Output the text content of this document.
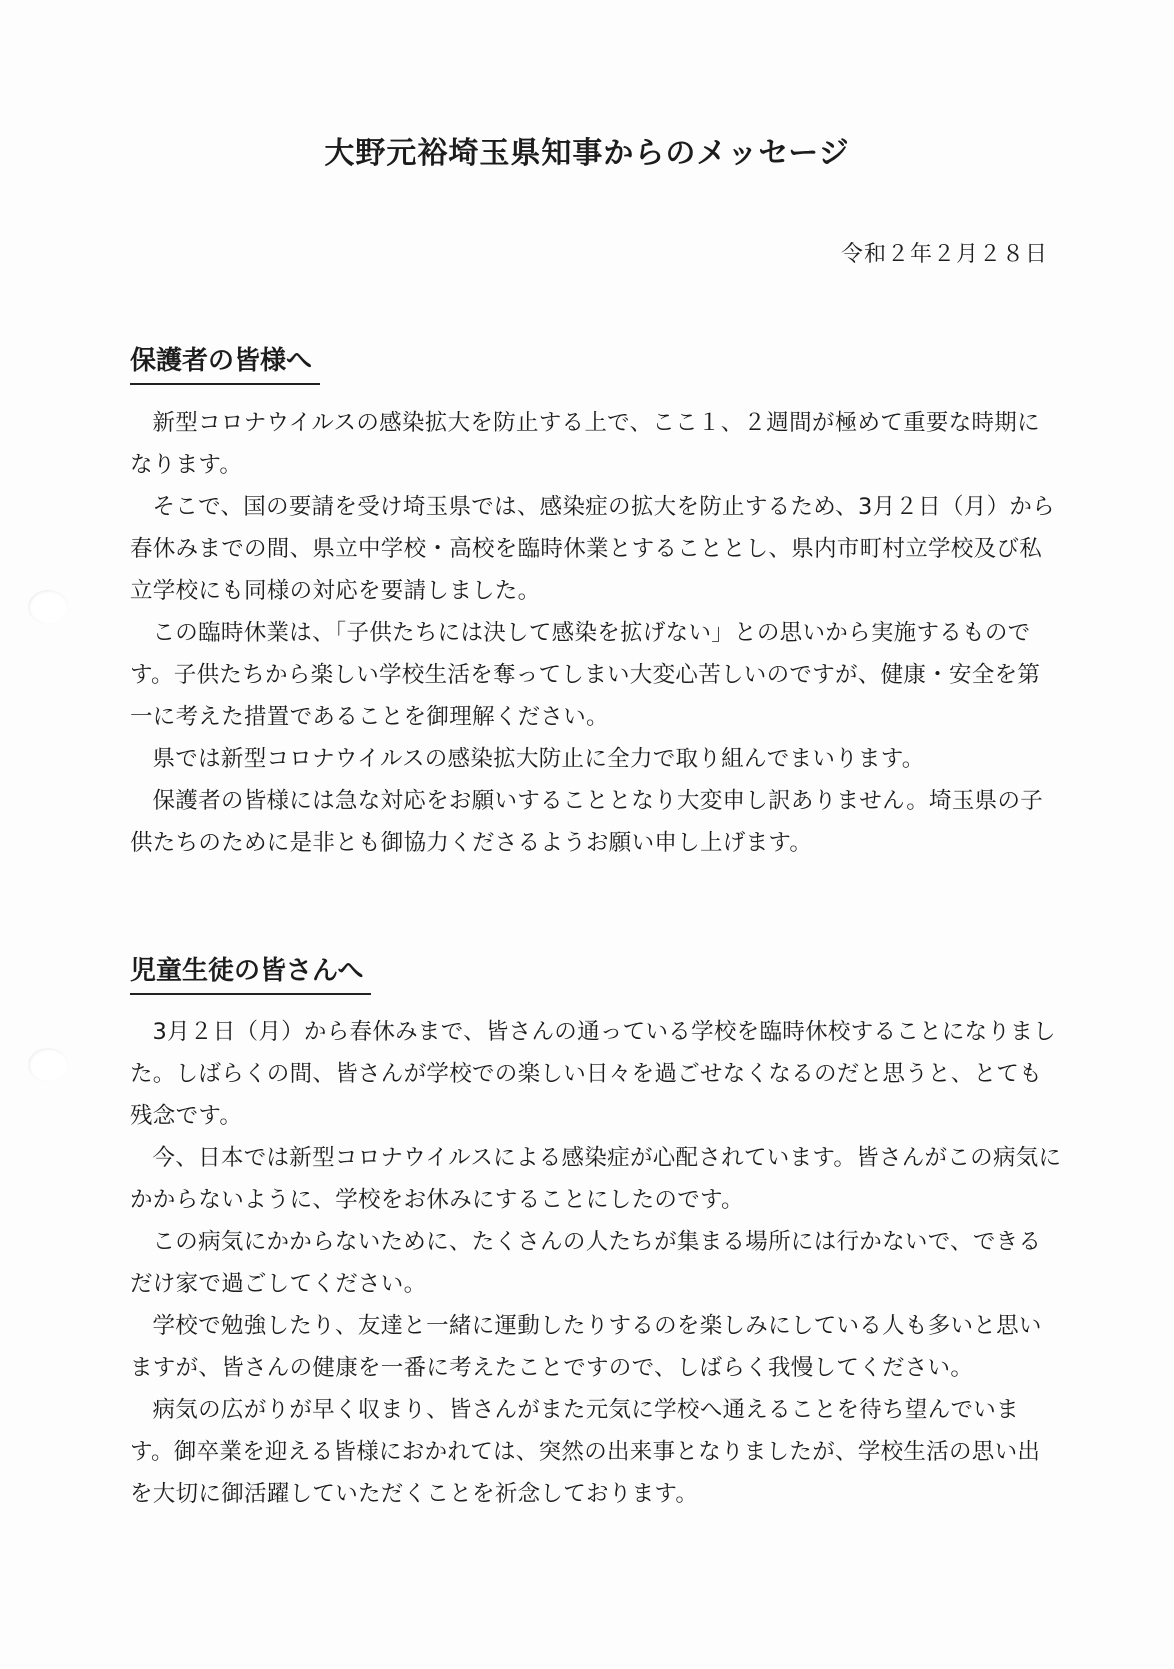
大野元裕埼玉県知事からのメッセージ
令和２年２月２８日
保護者の皆様へ

新型コロナウイルスの感染拡大を防止する上で、ここ１、２週間が極めて重要な時期になります。

そこで、国の要請を受け埼玉県では、感染症の拡大を防止するため、3月２日（月）から春休みまでの間、県立中学校・高校を臨時休業とすることとし、県内市町村立学校及び私立学校にも同様の対応を要請しました。

この臨時休業は、「子供たちには決して感染を拡げない」との思いから実施するものです。子供たちから楽しい学校生活を奪ってしまい大変心苦しいのですが、健康・安全を第一に考えた措置であることを御理解ください。

県では新型コロナウイルスの感染拡大防止に全力で取り組んでまいります。

保護者の皆様には急な対応をお願いすることとなり大変申し訳ありません。埼玉県の子供たちのために是非とも御協力くださるようお願い申し上げます。

児童生徒の皆さんへ

3月２日（月）から春休みまで、皆さんの通っている学校を臨時休校することになりました。しばらくの間、皆さんが学校での楽しい日々を過ごせなくなるのだと思うと、とても残念です。

今、日本では新型コロナウイルスによる感染症が心配されています。皆さんがこの病気にかからないように、学校をお休みにすることにしたのです。

この病気にかからないために、たくさんの人たちが集まる場所には行かないで、できるだけ家で過ごしてください。

学校で勉強したり、友達と一緒に運動したりするのを楽しみにしている人も多いと思いますが、皆さんの健康を一番に考えたことですので、しばらく我慢してください。

病気の広がりが早く収まり、皆さんがまた元気に学校へ通えることを待ち望んでいます。御卒業を迎える皆様におかれては、突然の出来事となりましたが、学校生活の思い出を大切に御活躍していただくことを祈念しております。
